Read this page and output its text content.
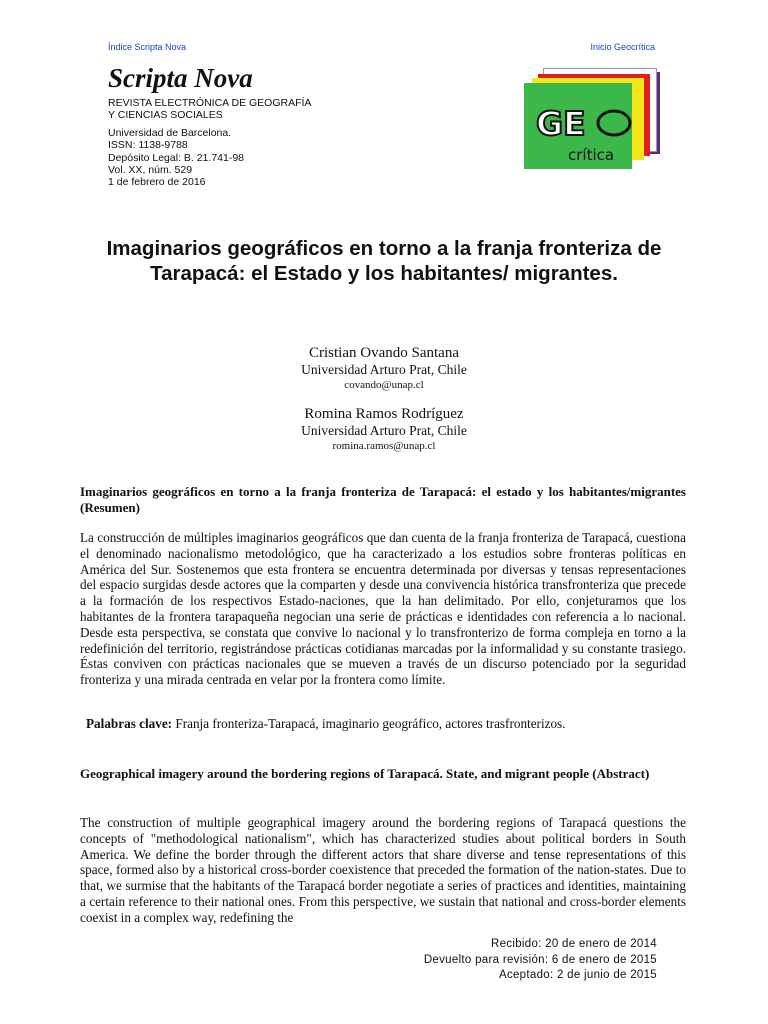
Índice Scripta Nova	Inicio Geocrítica
Scripta Nova
REVISTA ELECTRÓNICA DE GEOGRAFÍA
Y CIENCIAS SOCIALES
Universidad de Barcelona.
ISSN: 1138-9788
Depósito Legal: B. 21.741-98
Vol. XX, núm. 529
1 de febrero de 2016
GE
crítica
Imaginarios geográficos en torno a la franja fronteriza de Tarapacá: el Estado y los habitantes/ migrantes.
Cristian Ovando Santana
Universidad Arturo Prat, Chile
covando@unap.cl
Romina Ramos Rodríguez
Universidad Arturo Prat, Chile
romina.ramos@unap.cl

Imaginarios geográficos en torno a la franja fronteriza de Tarapacá: el estado y los habitantes/migrantes (Resumen)

La construcción de múltiples imaginarios geográficos que dan cuenta de la franja fronteriza de Tarapacá, cuestiona el denominado nacionalismo metodológico, que ha caracterizado a los estudios sobre fronteras políticas en América del Sur. Sostenemos que esta frontera se encuentra determinada por diversas y tensas representaciones del espacio surgidas desde actores que la comparten y desde una convivencia histórica transfronteriza que precede a la formación de los respectivos Estado-naciones, que la han delimitado. Por ello, conjeturamos que los habitantes de la frontera tarapaqueña negocian una serie de prácticas e identidades con referencia a lo nacional. Desde esta perspectiva, se constata que convive lo nacional y lo transfronterizo de forma compleja en torno a la redefinición del territorio, registrándose prácticas cotidianas marcadas por la informalidad y su constante trasiego. Éstas conviven con prácticas nacionales que se mueven a través de un discurso potenciado por la seguridad fronteriza y una mirada centrada en velar por la frontera como límite.

Palabras clave: Franja fronteriza-Tarapacá, imaginario geográfico, actores trasfronterizos.

Geographical imagery around the bordering regions of Tarapacá. State, and migrant people (Abstract)

The construction of multiple geographical imagery around the bordering regions of Tarapacá questions the concepts of "methodological nationalism", which has characterized studies about political borders in South America. We define the border through the different actors that share diverse and tense representations of this space, formed also by a historical cross-border coexistence that preceded the formation of the nation-states. Due to that, we surmise that the habitants of the Tarapacá border negotiate a series of practices and identities, maintaining a certain reference to their national ones. From this perspective, we sustain that national and cross-border elements coexist in a complex way, redefining the

Recibido: 20 de enero de 2014
Devuelto para revisión: 6 de enero de 2015
Aceptado: 2 de junio de 2015
